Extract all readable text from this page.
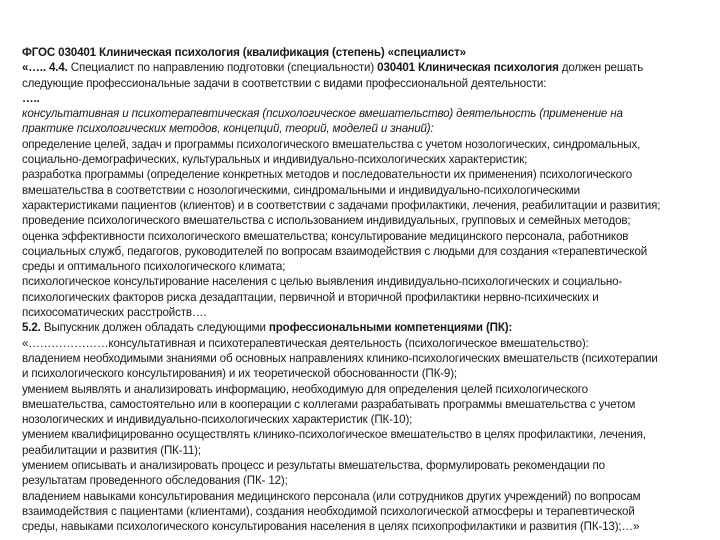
ФГОС 030401 Клиническая психология (квалификация (степень) «специалист»
«….. 4.4. Специалист по направлению подготовки (специальности) 030401 Клиническая психология должен решать
следующие профессиональные задачи в соответствии с видами профессиональной деятельности:
…..
консультативная и психотерапевтическая (психологическое вмешательство) деятельность (применение на
практике психологических методов, концепций, теорий, моделей и знаний):
определение целей, задач и программы психологического вмешательства с учетом нозологических, синдромальных,
социально-демографических, культуральных и индивидуально-психологических характеристик;
разработка программы (определение конкретных методов и последовательности их применения) психологического
вмешательства в соответствии с нозологическими, синдромальными и индивидуально-психологическими
характеристиками пациентов (клиентов) и в соответствии с задачами профилактики, лечения, реабилитации и развития;
проведение психологического вмешательства с использованием индивидуальных, групповых и семейных методов;
оценка эффективности психологического вмешательства; консультирование медицинского персонала, работников
социальных служб, педагогов, руководителей по вопросам взаимодействия с людьми для создания «терапевтической
среды и оптимального психологического климата;
психологическое консультирование населения с целью выявления индивидуально-психологических и социально-
психологических факторов риска дезадаптации, первичной и вторичной профилактики нервно-психических и
психосоматических расстройств….
5.2. Выпускник должен обладать следующими профессиональными компетенциями (ПК):
«…………………консультативная и психотерапевтическая деятельность (психологическое вмешательство):
владением необходимыми знаниями об основных направлениях клинико-психологических вмешательств (психотерапии
и психологического консультирования) и их теоретической обоснованности (ПК-9);
умением выявлять и анализировать информацию, необходимую для определения целей психологического
вмешательства, самостоятельно или в кооперации с коллегами разрабатывать программы вмешательства с учетом
нозологических и индивидуально-психологических характеристик (ПК-10);
умением квалифицированно осуществлять клинико-психологическое вмешательство в целях профилактики, лечения,
реабилитации и развития (ПК-11);
умением описывать и анализировать процесс и результаты вмешательства, формулировать рекомендации по
результатам проведенного обследования (ПК- 12);
владением навыками консультирования медицинского персонала (или сотрудников других учреждений) по вопросам
взаимодействия с пациентами (клиентами), создания необходимой психологической атмосферы и терапевтической
среды, навыками психологического консультирования населения в целях психопрофилактики и развития (ПК-13);…»
